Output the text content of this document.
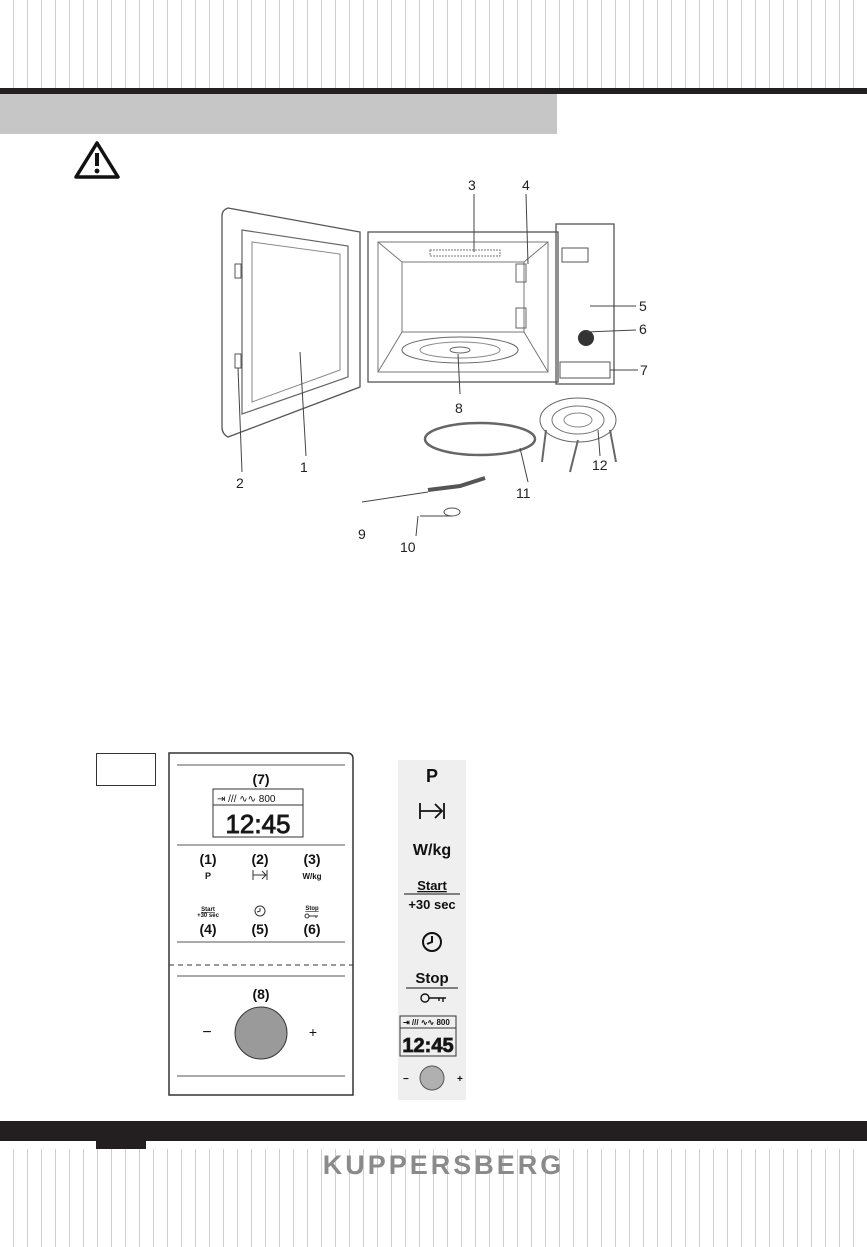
3	4
5
6
7
8
1
2
12
11
9
10
(7)
⇥ /// ∿∿ 800
12:45
(1) (2) (3)
P	W/kg
Start
+30 sec
Stop
(4) (5) (6)
(8)
−	+
P
W/kg
Start
+30 sec
Stop
⇥ /// ∿∿ 800
12:45
−	+
KUPPERSBERG
